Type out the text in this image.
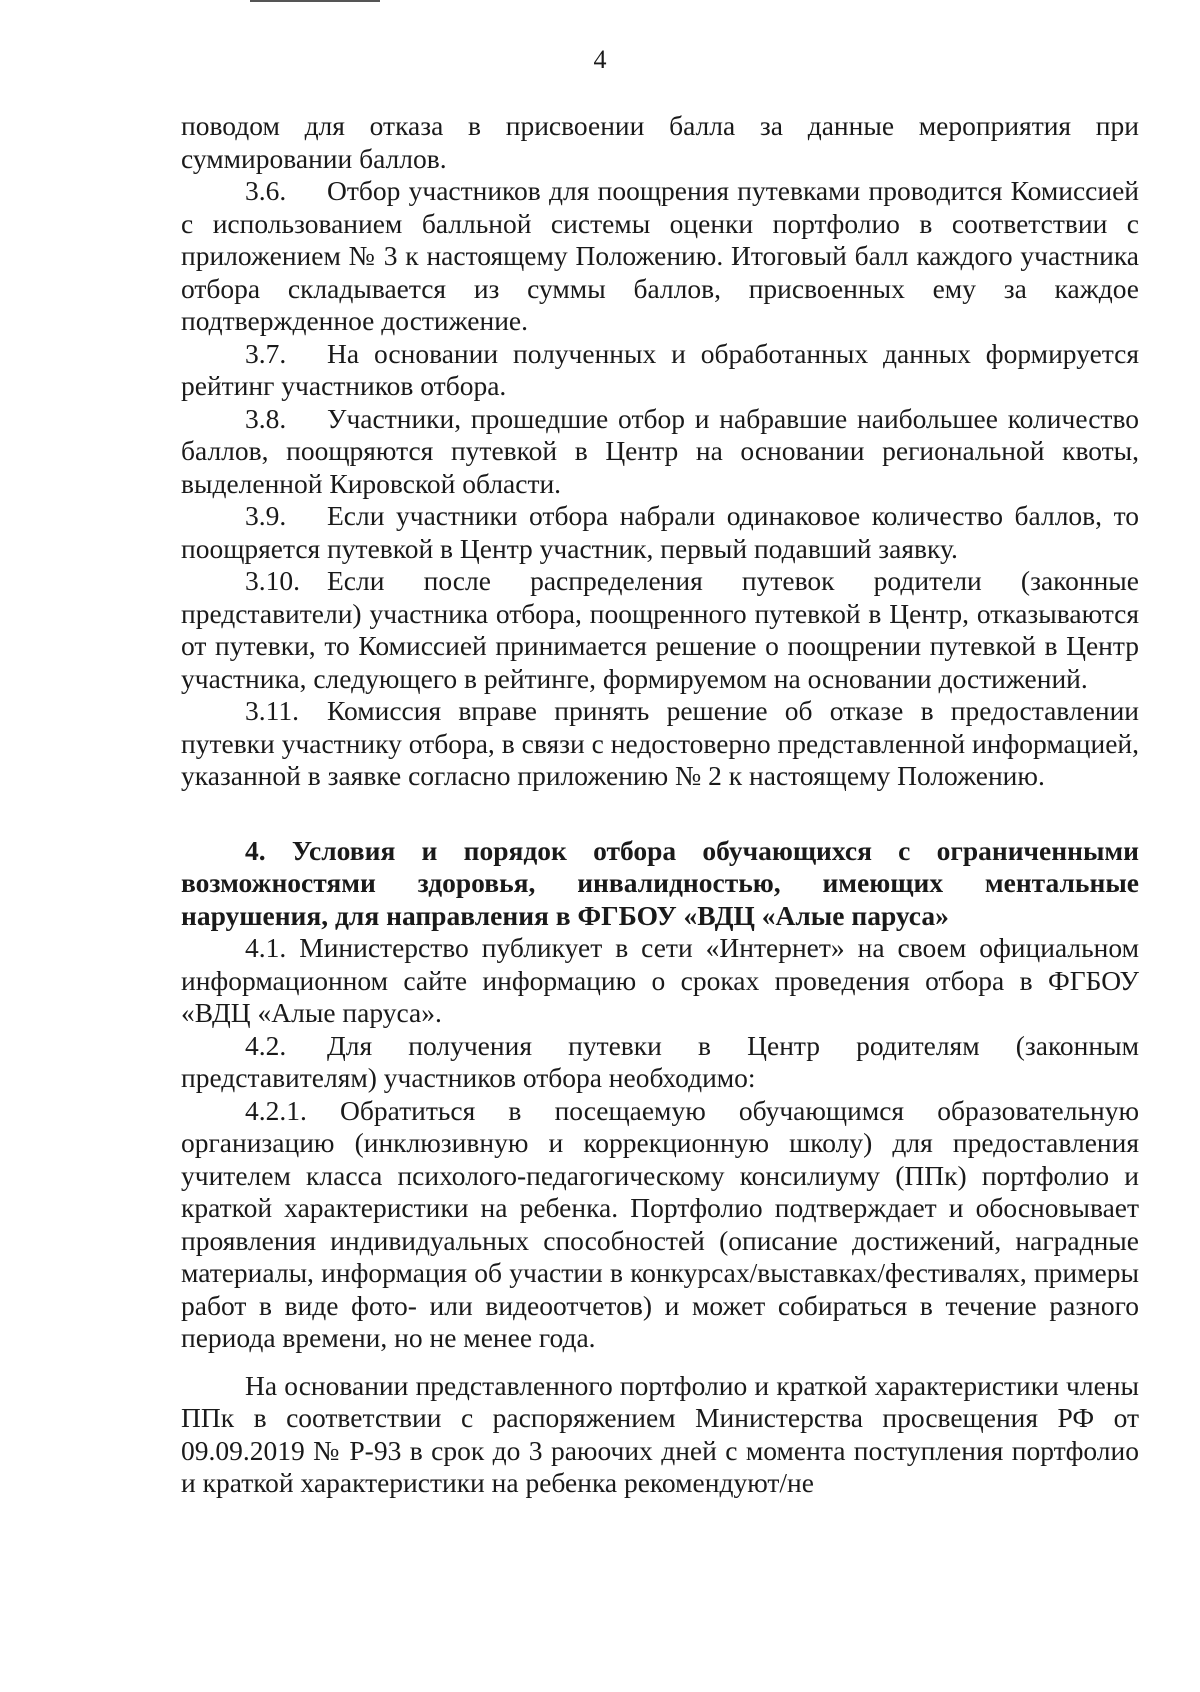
4

поводом для отказа в присвоении балла за данные мероприятия при суммировании баллов.

3.6. Отбор участников для поощрения путевками проводится Комиссией с использованием балльной системы оценки портфолио в соответствии с приложением № 3 к настоящему Положению. Итоговый балл каждого участника отбора складывается из суммы баллов, присвоенных ему за каждое подтвержденное достижение.

3.7. На основании полученных и обработанных данных формируется рейтинг участников отбора.

3.8. Участники, прошедшие отбор и набравшие наибольшее количество баллов, поощряются путевкой в Центр на основании региональной квоты, выделенной Кировской области.

3.9. Если участники отбора набрали одинаковое количество баллов, то поощряется путевкой в Центр участник, первый подавший заявку.

3.10. Если после распределения путевок родители (законные представители) участника отбора, поощренного путевкой в Центр, отказываются от путевки, то Комиссией принимается решение о поощрении путевкой в Центр участника, следующего в рейтинге, формируемом на основании достижений.

3.11. Комиссия вправе принять решение об отказе в предоставлении путевки участнику отбора, в связи с недостоверно представленной информацией, указанной в заявке согласно приложению № 2 к настоящему Положению.

4. Условия и порядок отбора обучающихся с ограниченными возможностями здоровья, инвалидностью, имеющих ментальные нарушения, для направления в ФГБОУ «ВДЦ «Алые паруса»

4.1. Министерство публикует в сети «Интернет» на своем официальном информационном сайте информацию о сроках проведения отбора в ФГБОУ «ВДЦ «Алые паруса».

4.2. Для получения путевки в Центр родителям (законным представителям) участников отбора необходимо:

4.2.1. Обратиться в посещаемую обучающимся образовательную организацию (инклюзивную и коррекционную школу) для предоставления учителем класса психолого-педагогическому консилиуму (ППк) портфолио и краткой характеристики на ребенка. Портфолио подтверждает и обосновывает проявления индивидуальных способностей (описание достижений, наградные материалы, информация об участии в конкурсах/выставках/фестивалях, примеры работ в виде фото- или видеоотчетов) и может собираться в течение разного периода времени, но не менее года.

На основании представленного портфолио и краткой характеристики члены ППк в соответствии с распоряжением Министерства просвещения РФ от 09.09.2019 № Р-93 в срок до 3 раюочих дней с момента поступления портфолио и краткой характеристики на ребенка рекомендуют/не
